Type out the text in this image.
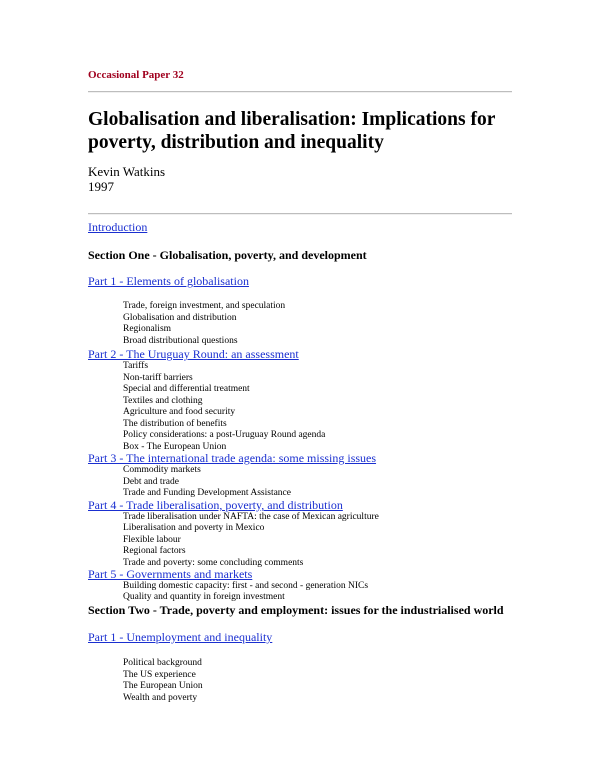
Occasional Paper 32
Globalisation and liberalisation: Implications for
poverty, distribution and inequality
Kevin Watkins
1997
Introduction
Section One - Globalisation, poverty, and development
Part 1 - Elements of globalisation
Trade, foreign investment, and speculation
Globalisation and distribution
Regionalism
Broad distributional questions
Part 2 - The Uruguay Round: an assessment
Tariffs
Non-tariff barriers
Special and differential treatment
Textiles and clothing
Agriculture and food security
The distribution of benefits
Policy considerations: a post-Uruguay Round agenda
Box - The European Union
Part 3 - The international trade agenda: some missing issues
Commodity markets
Debt and trade
Trade and Funding Development Assistance
Part 4 - Trade liberalisation, poverty, and distribution
Trade liberalisation under NAFTA: the case of Mexican agriculture
Liberalisation and poverty in Mexico
Flexible labour
Regional factors
Trade and poverty: some concluding comments
Part 5 - Governments and markets
Building domestic capacity: first - and second - generation NICs
Quality and quantity in foreign investment
Section Two - Trade, poverty and employment: issues for the industrialised world
Part 1 - Unemployment and inequality
Political background
The US experience
The European Union
Wealth and poverty
